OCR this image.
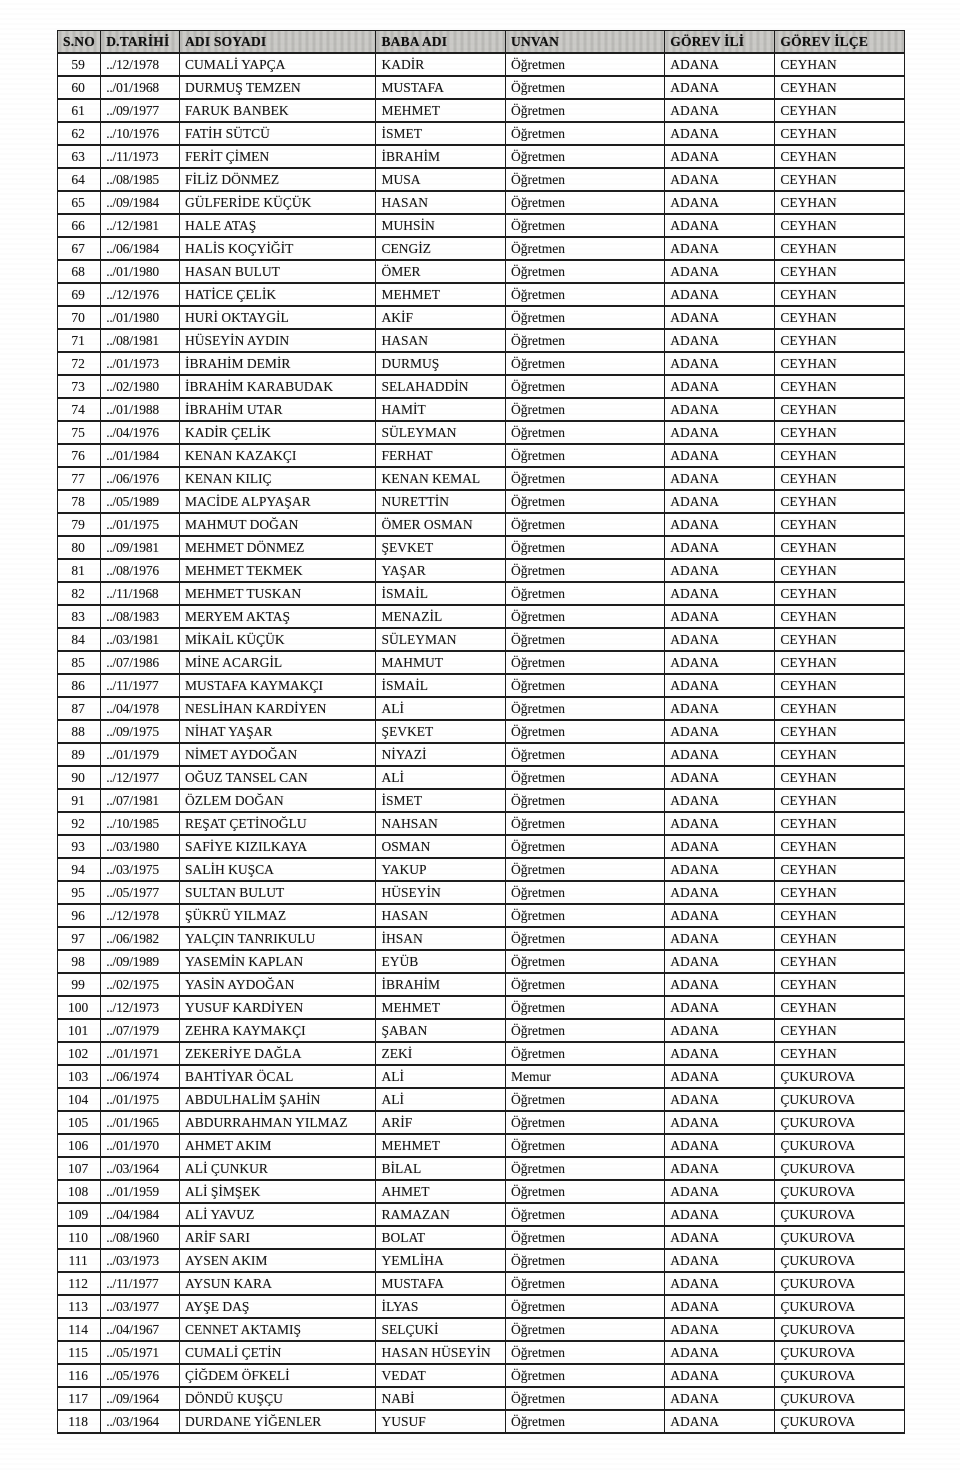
S.NO	D.TARİHİ	ADI SOYADI	BABA ADI	UNVAN	GÖREV İLİ	GÖREV İLÇE
59	../12/1978	CUMALİ YAPÇA	KADİR	Öğretmen	ADANA	CEYHAN
60	../01/1968	DURMUŞ TEMZEN	MUSTAFA	Öğretmen	ADANA	CEYHAN
61	../09/1977	FARUK BANBEK	MEHMET	Öğretmen	ADANA	CEYHAN
62	../10/1976	FATİH SÜTCÜ	İSMET	Öğretmen	ADANA	CEYHAN
63	../11/1973	FERİT ÇİMEN	İBRAHİM	Öğretmen	ADANA	CEYHAN
64	../08/1985	FİLİZ DÖNMEZ	MUSA	Öğretmen	ADANA	CEYHAN
65	../09/1984	GÜLFERİDE KÜÇÜK	HASAN	Öğretmen	ADANA	CEYHAN
66	../12/1981	HALE ATAŞ	MUHSİN	Öğretmen	ADANA	CEYHAN
67	../06/1984	HALİS KOÇYİĞİT	CENGİZ	Öğretmen	ADANA	CEYHAN
68	../01/1980	HASAN BULUT	ÖMER	Öğretmen	ADANA	CEYHAN
69	../12/1976	HATİCE ÇELİK	MEHMET	Öğretmen	ADANA	CEYHAN
70	../01/1980	HURİ OKTAYGİL	AKİF	Öğretmen	ADANA	CEYHAN
71	../08/1981	HÜSEYİN AYDIN	HASAN	Öğretmen	ADANA	CEYHAN
72	../01/1973	İBRAHİM DEMİR	DURMUŞ	Öğretmen	ADANA	CEYHAN
73	../02/1980	İBRAHİM KARABUDAK	SELAHADDİN	Öğretmen	ADANA	CEYHAN
74	../01/1988	İBRAHİM UTAR	HAMİT	Öğretmen	ADANA	CEYHAN
75	../04/1976	KADİR ÇELİK	SÜLEYMAN	Öğretmen	ADANA	CEYHAN
76	../01/1984	KENAN KAZAKÇI	FERHAT	Öğretmen	ADANA	CEYHAN
77	../06/1976	KENAN KILIÇ	KENAN KEMAL	Öğretmen	ADANA	CEYHAN
78	../05/1989	MACİDE ALPYAŞAR	NURETTİN	Öğretmen	ADANA	CEYHAN
79	../01/1975	MAHMUT DOĞAN	ÖMER OSMAN	Öğretmen	ADANA	CEYHAN
80	../09/1981	MEHMET DÖNMEZ	ŞEVKET	Öğretmen	ADANA	CEYHAN
81	../08/1976	MEHMET TEKMEK	YAŞAR	Öğretmen	ADANA	CEYHAN
82	../11/1968	MEHMET TUSKAN	İSMAİL	Öğretmen	ADANA	CEYHAN
83	../08/1983	MERYEM AKTAŞ	MENAZİL	Öğretmen	ADANA	CEYHAN
84	../03/1981	MİKAİL KÜÇÜK	SÜLEYMAN	Öğretmen	ADANA	CEYHAN
85	../07/1986	MİNE ACARGİL	MAHMUT	Öğretmen	ADANA	CEYHAN
86	../11/1977	MUSTAFA KAYMAKÇI	İSMAİL	Öğretmen	ADANA	CEYHAN
87	../04/1978	NESLİHAN KARDİYEN	ALİ	Öğretmen	ADANA	CEYHAN
88	../09/1975	NİHAT YAŞAR	ŞEVKET	Öğretmen	ADANA	CEYHAN
89	../01/1979	NİMET AYDOĞAN	NİYAZİ	Öğretmen	ADANA	CEYHAN
90	../12/1977	OĞUZ TANSEL CAN	ALİ	Öğretmen	ADANA	CEYHAN
91	../07/1981	ÖZLEM DOĞAN	İSMET	Öğretmen	ADANA	CEYHAN
92	../10/1985	REŞAT ÇETİNOĞLU	NAHSAN	Öğretmen	ADANA	CEYHAN
93	../03/1980	SAFİYE KIZILKAYA	OSMAN	Öğretmen	ADANA	CEYHAN
94	../03/1975	SALİH KUŞCA	YAKUP	Öğretmen	ADANA	CEYHAN
95	../05/1977	SULTAN BULUT	HÜSEYİN	Öğretmen	ADANA	CEYHAN
96	../12/1978	ŞÜKRÜ YILMAZ	HASAN	Öğretmen	ADANA	CEYHAN
97	../06/1982	YALÇIN TANRIKULU	İHSAN	Öğretmen	ADANA	CEYHAN
98	../09/1989	YASEMİN KAPLAN	EYÜB	Öğretmen	ADANA	CEYHAN
99	../02/1975	YASİN AYDOĞAN	İBRAHİM	Öğretmen	ADANA	CEYHAN
100	../12/1973	YUSUF KARDİYEN	MEHMET	Öğretmen	ADANA	CEYHAN
101	../07/1979	ZEHRA KAYMAKÇI	ŞABAN	Öğretmen	ADANA	CEYHAN
102	../01/1971	ZEKERİYE DAĞLA	ZEKİ	Öğretmen	ADANA	CEYHAN
103	../06/1974	BAHTİYAR ÖCAL	ALİ	Memur	ADANA	ÇUKUROVA
104	../01/1975	ABDULHALİM ŞAHİN	ALİ	Öğretmen	ADANA	ÇUKUROVA
105	../01/1965	ABDURRAHMAN YILMAZ	ARİF	Öğretmen	ADANA	ÇUKUROVA
106	../01/1970	AHMET AKIM	MEHMET	Öğretmen	ADANA	ÇUKUROVA
107	../03/1964	ALİ ÇUNKUR	BİLAL	Öğretmen	ADANA	ÇUKUROVA
108	../01/1959	ALİ ŞİMŞEK	AHMET	Öğretmen	ADANA	ÇUKUROVA
109	../04/1984	ALİ YAVUZ	RAMAZAN	Öğretmen	ADANA	ÇUKUROVA
110	../08/1960	ARİF SARI	BOLAT	Öğretmen	ADANA	ÇUKUROVA
111	../03/1973	AYSEN AKIM	YEMLİHA	Öğretmen	ADANA	ÇUKUROVA
112	../11/1977	AYSUN KARA	MUSTAFA	Öğretmen	ADANA	ÇUKUROVA
113	../03/1977	AYŞE DAŞ	İLYAS	Öğretmen	ADANA	ÇUKUROVA
114	../04/1967	CENNET AKTAMIŞ	SELÇUKİ	Öğretmen	ADANA	ÇUKUROVA
115	../05/1971	CUMALİ ÇETİN	HASAN HÜSEYİN	Öğretmen	ADANA	ÇUKUROVA
116	../05/1976	ÇİĞDEM ÖFKELİ	VEDAT	Öğretmen	ADANA	ÇUKUROVA
117	../09/1964	DÖNDÜ KUŞÇU	NABİ	Öğretmen	ADANA	ÇUKUROVA
118	../03/1964	DURDANE YİĞENLER	YUSUF	Öğretmen	ADANA	ÇUKUROVA
